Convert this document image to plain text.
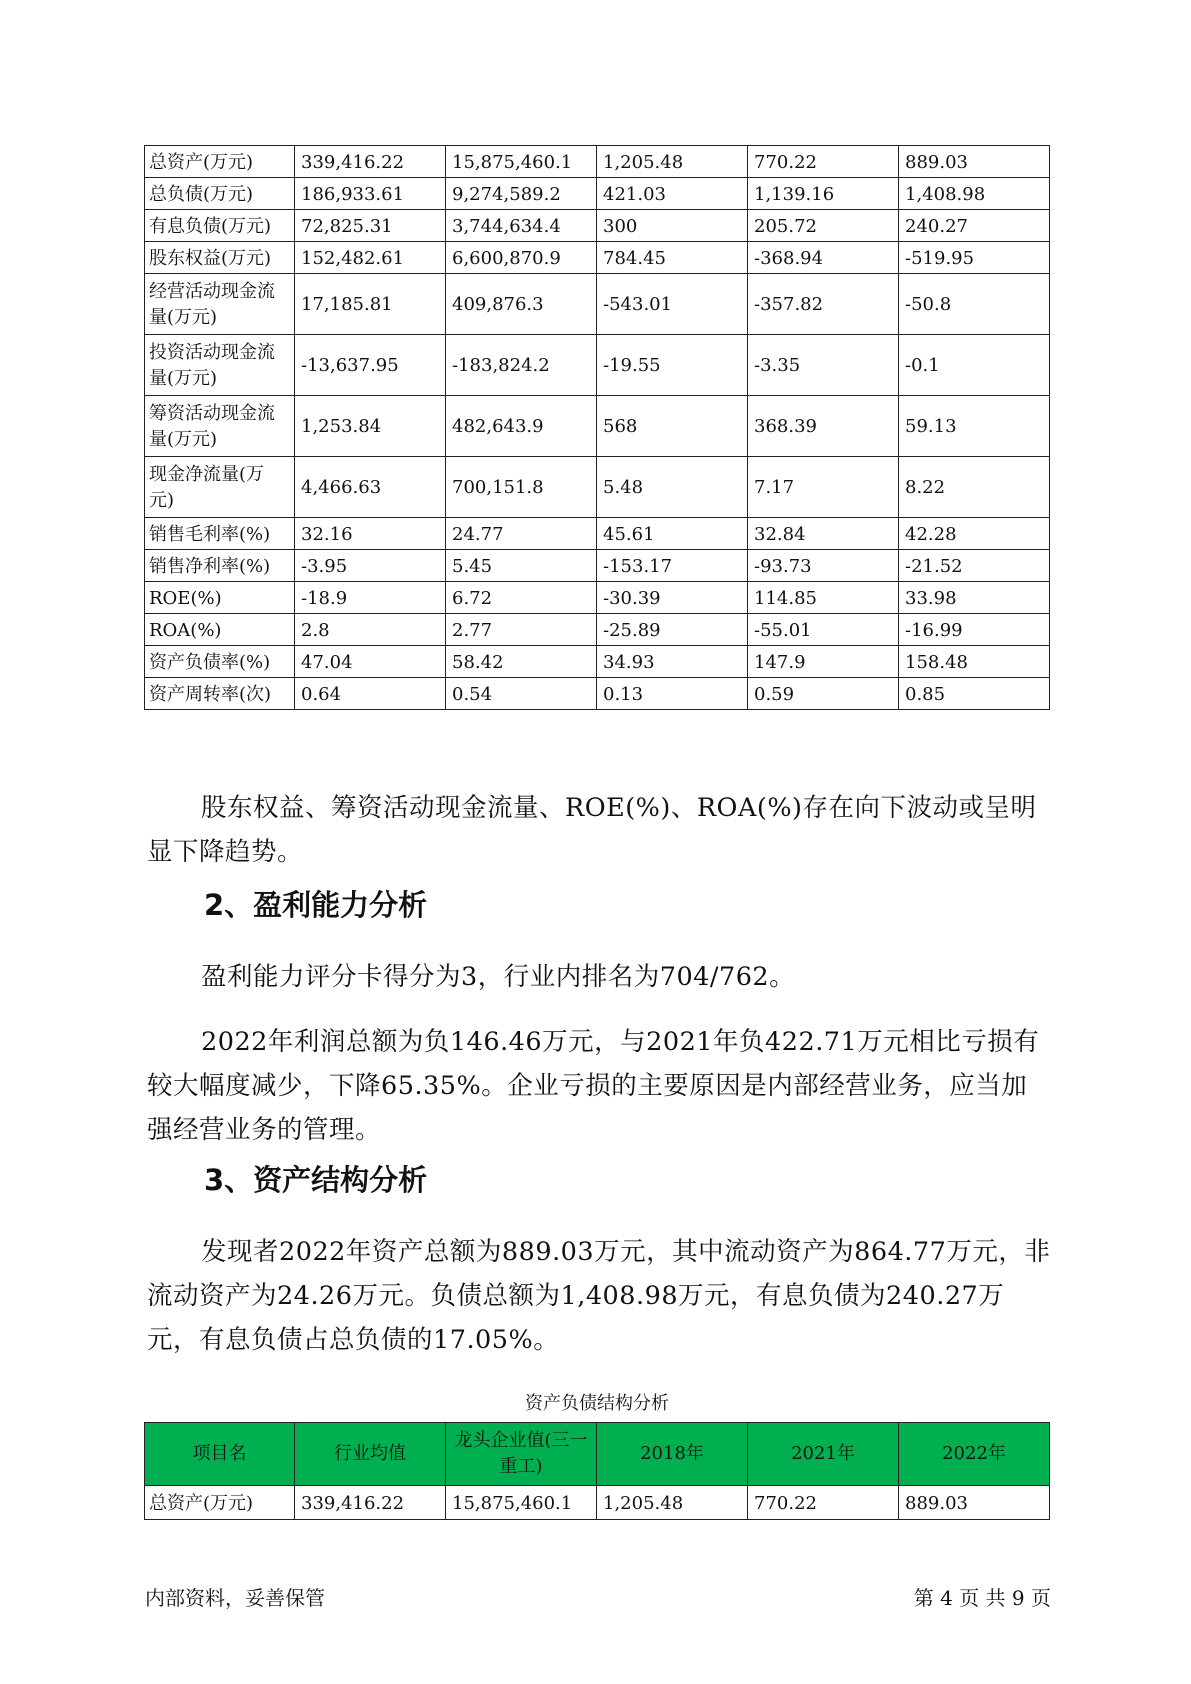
总资产(万元)	339,416.22	15,875,460.1	1,205.48	770.22	889.03
总负债(万元)	186,933.61	9,274,589.2	421.03	1,139.16	1,408.98
有息负债(万元)	72,825.31	3,744,634.4	300	205.72	240.27
股东权益(万元)	152,482.61	6,600,870.9	784.45	-368.94	-519.95
经营活动现金流量(万元)	17,185.81	409,876.3	-543.01	-357.82	-50.8
投资活动现金流量(万元)	-13,637.95	-183,824.2	-19.55	-3.35	-0.1
筹资活动现金流量(万元)	1,253.84	482,643.9	568	368.39	59.13
现金净流量(万元)	4,466.63	700,151.8	5.48	7.17	8.22
销售毛利率(%)	32.16	24.77	45.61	32.84	42.28
销售净利率(%)	-3.95	5.45	-153.17	-93.73	-21.52
ROE(%)	-18.9	6.72	-30.39	114.85	33.98
ROA(%)	2.8	2.77	-25.89	-55.01	-16.99
资产负债率(%)	47.04	58.42	34.93	147.9	158.48
资产周转率(次)	0.64	0.54	0.13	0.59	0.85
股东权益、筹资活动现金流量、ROE(%)、ROA(%)存在向下波动或呈明显下降趋势。
2、盈利能力分析
盈利能力评分卡得分为3，行业内排名为704/762。
2022年利润总额为负146.46万元，与2021年负422.71万元相比亏损有较大幅度减少，下降65.35%。企业亏损的主要原因是内部经营业务，应当加强经营业务的管理。
3、资产结构分析
发现者2022年资产总额为889.03万元，其中流动资产为864.77万元，非流动资产为24.26万元。负债总额为1,408.98万元，有息负债为240.27万元，有息负债占总负债的17.05%。
资产负债结构分析
项目名	行业均值	龙头企业值(三一重工)	2018年	2021年	2022年
总资产(万元)	339,416.22	15,875,460.1	1,205.48	770.22	889.03
内部资料，妥善保管	第 4 页 共 9 页
